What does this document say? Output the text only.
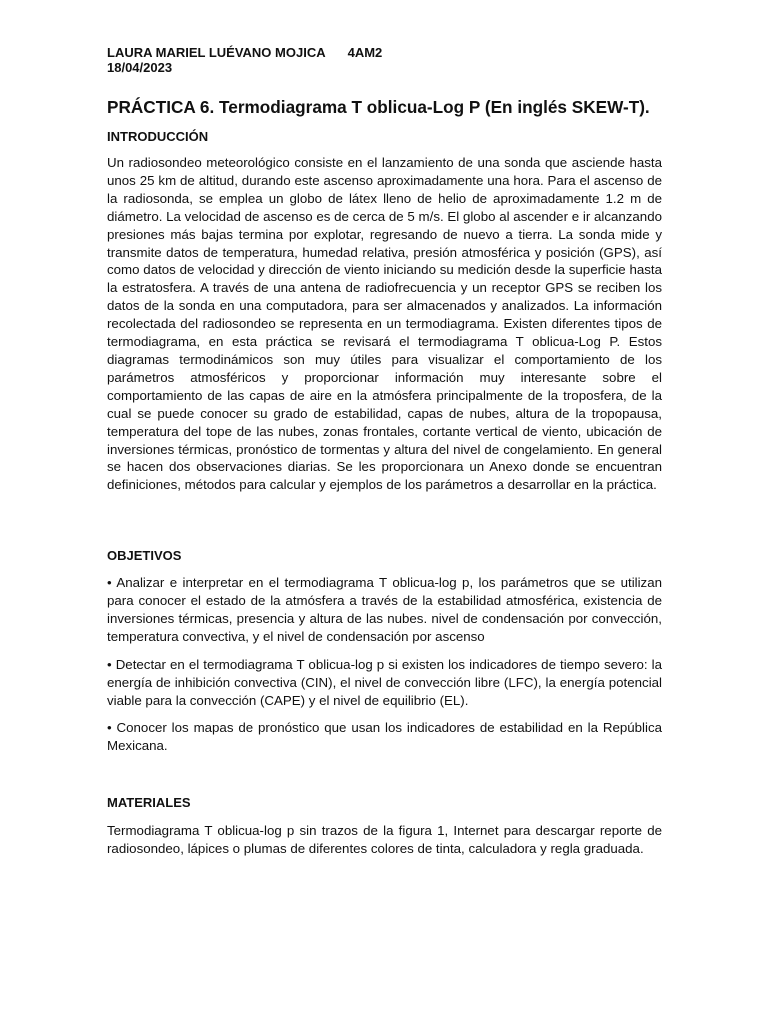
LAURA MARIEL LUÉVANO MOJICA 4AM2
18/04/2023
PRÁCTICA 6. Termodiagrama T oblicua-Log P (En inglés SKEW-T).
INTRODUCCIÓN

Un radiosondeo meteorológico consiste en el lanzamiento de una sonda que asciende hasta unos 25 km de altitud, durando este ascenso aproximadamente una hora. Para el ascenso de la radiosonda, se emplea un globo de látex lleno de helio de aproximadamente 1.2 m de diámetro. La velocidad de ascenso es de cerca de 5 m/s. El globo al ascender e ir alcanzando presiones más bajas termina por explotar, regresando de nuevo a tierra. La sonda mide y transmite datos de temperatura, humedad relativa, presión atmosférica y posición (GPS), así como datos de velocidad y dirección de viento iniciando su medición desde la superficie hasta la estratosfera. A través de una antena de radiofrecuencia y un receptor GPS se reciben los datos de la sonda en una computadora, para ser almacenados y analizados. La información recolectada del radiosondeo se representa en un termodiagrama. Existen diferentes tipos de termodiagrama, en esta práctica se revisará el termodiagrama T oblicua-Log P. Estos diagramas termodinámicos son muy útiles para visualizar el comportamiento de los parámetros atmosféricos y proporcionar información muy interesante sobre el comportamiento de las capas de aire en la atmósfera principalmente de la troposfera, de la cual se puede conocer su grado de estabilidad, capas de nubes, altura de la tropopausa, temperatura del tope de las nubes, zonas frontales, cortante vertical de viento, ubicación de inversiones térmicas, pronóstico de tormentas y altura del nivel de congelamiento. En general se hacen dos observaciones diarias. Se les proporcionara un Anexo donde se encuentran definiciones, métodos para calcular y ejemplos de los parámetros a desarrollar en la práctica.

OBJETIVOS

• Analizar e interpretar en el termodiagrama T oblicua-log p, los parámetros que se utilizan para conocer el estado de la atmósfera a través de la estabilidad atmosférica, existencia de inversiones térmicas, presencia y altura de las nubes. nivel de condensación por convección, temperatura convectiva, y el nivel de condensación por ascenso

• Detectar en el termodiagrama T oblicua-log p si existen los indicadores de tiempo severo: la energía de inhibición convectiva (CIN), el nivel de convección libre (LFC), la energía potencial viable para la convección (CAPE) y el nivel de equilibrio (EL).

• Conocer los mapas de pronóstico que usan los indicadores de estabilidad en la República Mexicana.

MATERIALES

Termodiagrama T oblicua-log p sin trazos de la figura 1, Internet para descargar reporte de radiosondeo, lápices o plumas de diferentes colores de tinta, calculadora y regla graduada.
